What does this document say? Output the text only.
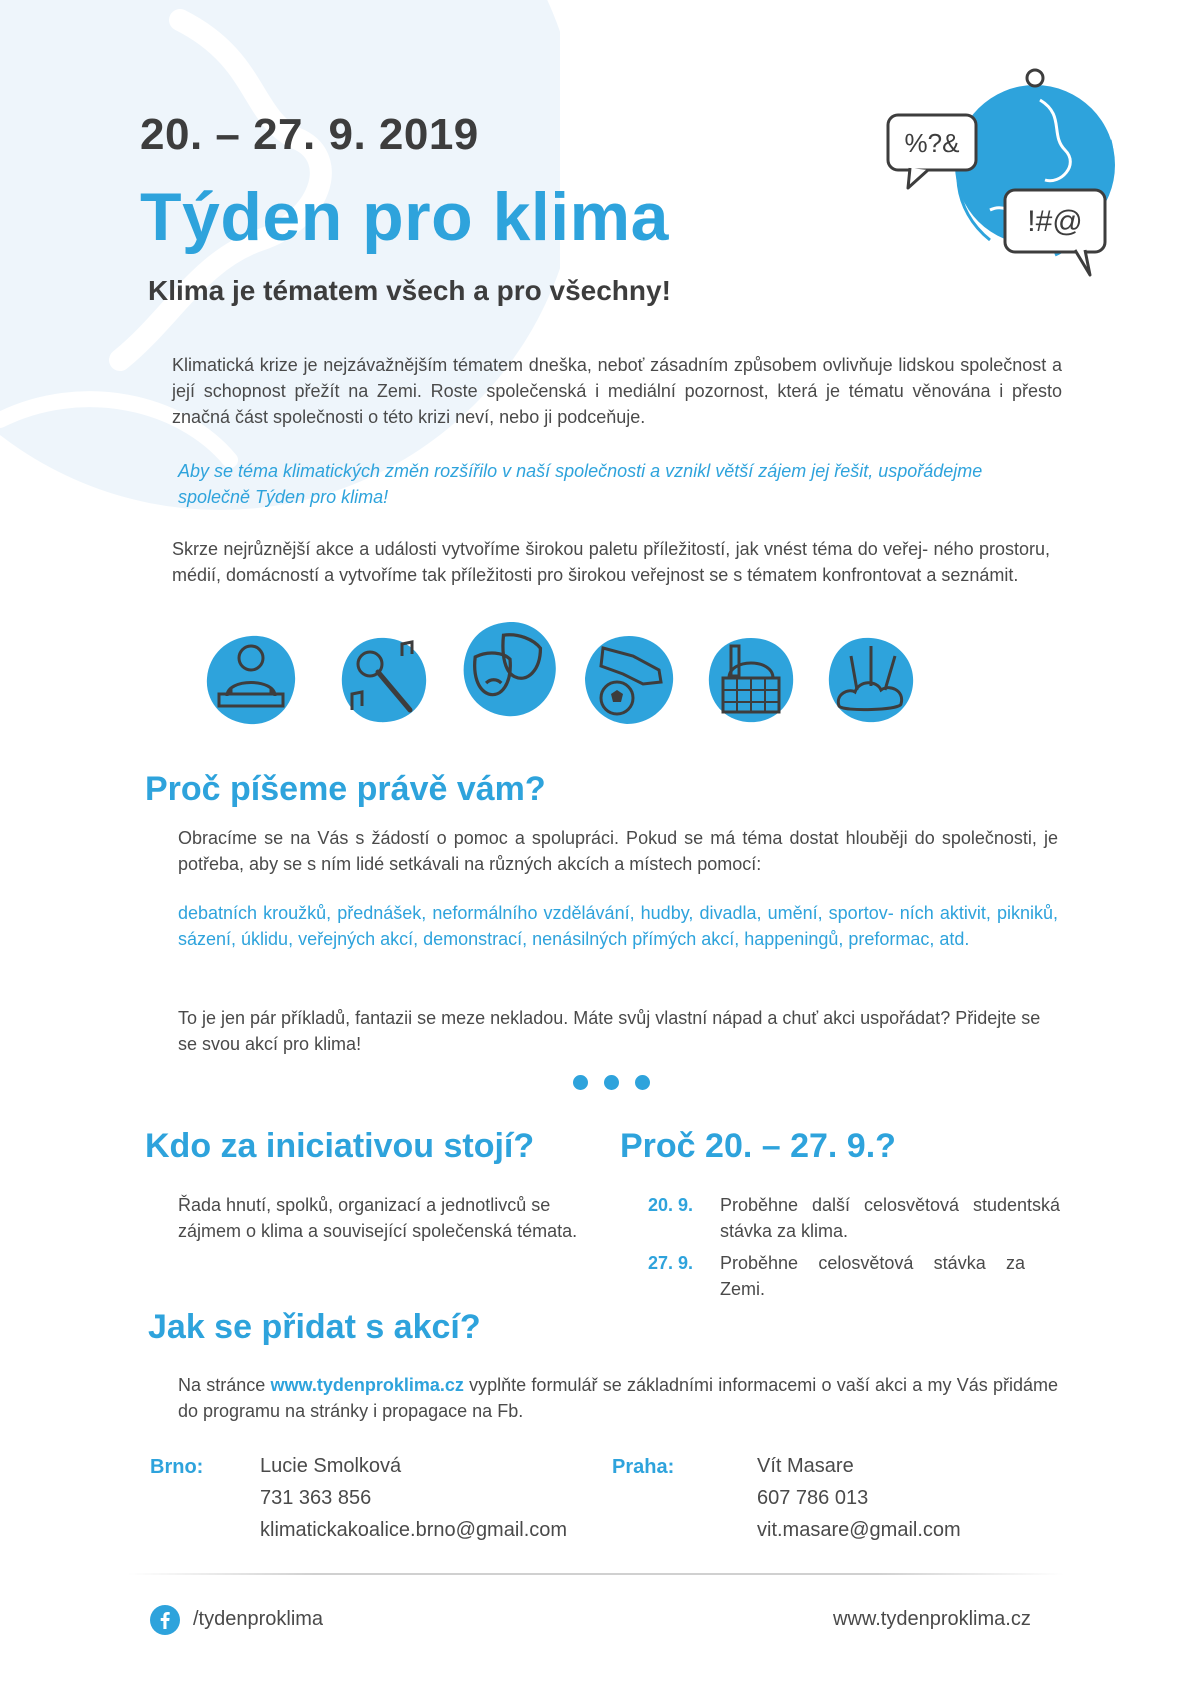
%?&
!#@
20. – 27. 9. 2019
Týden pro klima
Klima je tématem všech a pro všechny!
Klimatická krize je nejzávažnějším tématem dneška, neboť zásadním způsobem ovlivňuje lidskou společnost a její schopnost přežít na Zemi. Roste společenská i mediální pozornost, která je tématu věnována i přesto značná část společnosti o této krizi neví, nebo ji podceňuje.
Aby se téma klimatických změn rozšířilo v naší společnosti a vznikl větší zájem jej řešit, uspořádejme společně Týden pro klima!
Skrze nejrůznější akce a události vytvoříme širokou paletu příležitostí, jak vnést téma do veřej- ného prostoru, médií, domácností a vytvoříme tak příležitosti pro širokou veřejnost se s tématem konfrontovat a seznámit.
Proč píšeme právě vám?
Obracíme se na Vás s žádostí o pomoc a spolupráci. Pokud se má téma dostat hlouběji do společnosti, je potřeba, aby se s ním lidé setkávali na různých akcích a místech pomocí:
debatních kroužků, přednášek, neformálního vzdělávání, hudby, divadla, umění, sportov- ních aktivit, pikniků, sázení, úklidu, veřejných akcí, demonstrací, nenásilných přímých akcí, happeningů, preformac, atd.
To je jen pár příkladů, fantazii se meze nekladou. Máte svůj vlastní nápad a chuť akci uspořádat? Přidejte se se svou akcí pro klima!
Kdo za iniciativou stojí?
Řada hnutí, spolků, organizací a jednotlivců se zájmem o klima a související společenská témata.
Proč 20. – 27. 9.?
20. 9. Proběhne další celosvětová studentská stávka za klima.
27. 9. Proběhne celosvětová stávka za Zemi.
Jak se přidat s akcí?
Na stránce www.tydenproklima.cz vyplňte formulář se základními informacemi o vaší akci a my Vás přidáme do programu na stránky i propagace na Fb.
Brno:	Lucie Smolková
731 363 856
klimatickakoalice.brno@gmail.com
Praha:	Vít Masare
607 786 013
vit.masare@gmail.com
/tydenproklima	www.tydenproklima.cz
